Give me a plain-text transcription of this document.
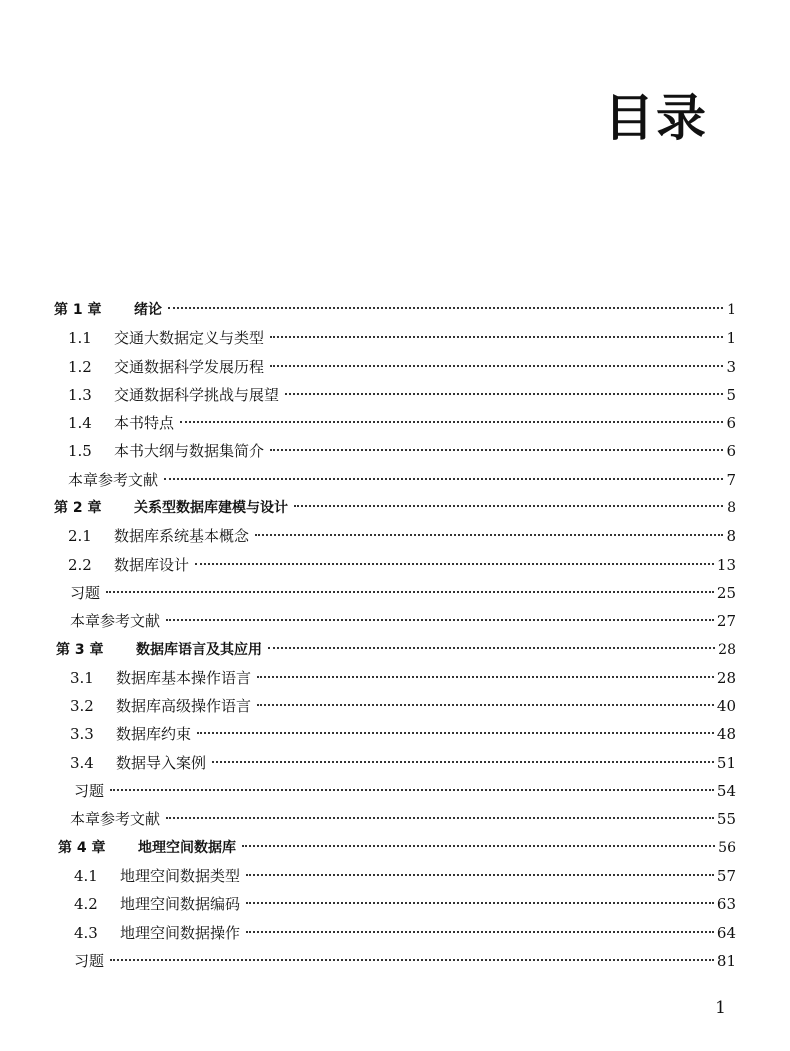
目录
第 1 章	绪论	1
1.1	交通大数据定义与类型	1
1.2	交通数据科学发展历程	3
1.3	交通数据科学挑战与展望	5
1.4	本书特点	6
1.5	本书大纲与数据集简介	6
本章参考文献	7
第 2 章	关系型数据库建模与设计	8
2.1	数据库系统基本概念	8
2.2	数据库设计	13
习题	25
本章参考文献	27
第 3 章	数据库语言及其应用	28
3.1	数据库基本操作语言	28
3.2	数据库高级操作语言	40
3.3	数据库约束	48
3.4	数据导入案例	51
习题	54
本章参考文献	55
第 4 章	地理空间数据库	56
4.1	地理空间数据类型	57
4.2	地理空间数据编码	63
4.3	地理空间数据操作	64
习题	81
1
